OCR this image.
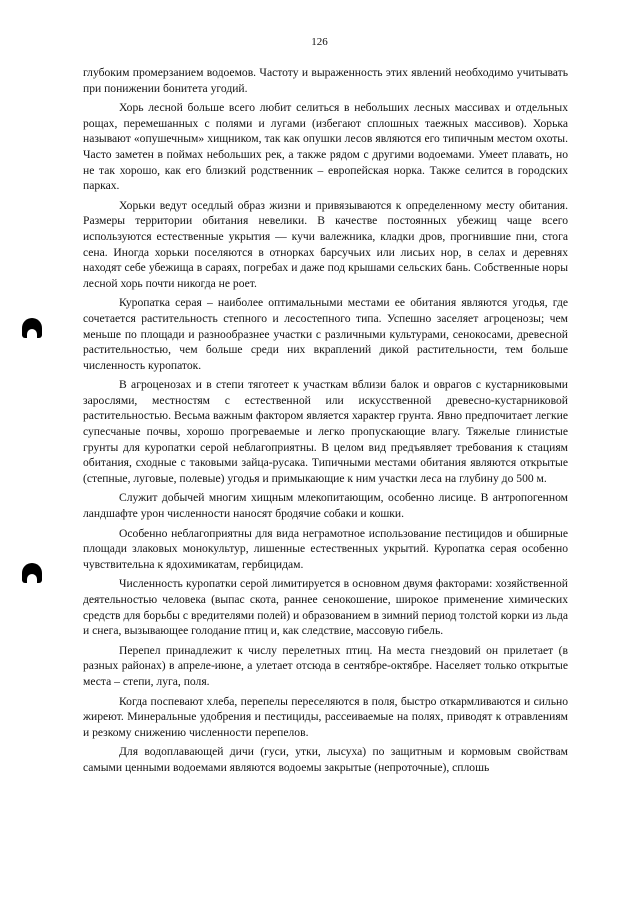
126

глубоким промерзанием водоемов. Частоту и выраженность этих явлений необходимо учитывать при понижении бонитета угодий.

Хорь лесной больше всего любит селиться в небольших лесных массивах и отдельных рощах, перемешанных с полями и лугами (избегают сплошных таежных массивов). Хорька называют «опушечным» хищником, так как опушки лесов являются его типичным местом охоты. Часто заметен в поймах небольших рек, а также рядом с другими водоемами. Умеет плавать, но не так хорошо, как его близкий родственник – европейская норка. Также селится в городских парках.

Хорьки ведут оседлый образ жизни и привязываются к определенному месту обитания. Размеры территории обитания невелики. В качестве постоянных убежищ чаще всего используются естественные укрытия — кучи валежника, кладки дров, прогнившие пни, стога сена. Иногда хорьки поселяются в отнорках барсучьих или лисьих нор, в селах и деревнях находят себе убежища в сараях, погребах и даже под крышами сельских бань. Собственные норы лесной хорь почти никогда не роет.

Куропатка серая – наиболее оптимальными местами ее обитания являются угодья, где сочетается растительность степного и лесостепного типа. Успешно заселяет агроценозы; чем меньше по площади и разнообразнее участки с различными культурами, сенокосами, древесной растительностью, чем больше среди них вкраплений дикой растительности, тем больше численность куропаток.

В агроценозах и в степи тяготеет к участкам вблизи балок и оврагов с кустарниковыми зарослями, местностям с естественной или искусственной древесно-кустарниковой растительностью. Весьма важным фактором является характер грунта. Явно предпочитает легкие супесчаные почвы, хорошо прогреваемые и легко пропускающие влагу. Тяжелые глинистые грунты для куропатки серой неблагоприятны. В целом вид предъявляет требования к стациям обитания, сходные с таковыми зайца-русака. Типичными местами обитания являются открытые (степные, луговые, полевые) угодья и примыкающие к ним участки леса на глубину до 500 м.

Служит добычей многим хищным млекопитающим, особенно лисице. В антропогенном ландшафте урон численности наносят бродячие собаки и кошки.

Особенно неблагоприятны для вида неграмотное использование пестицидов и обширные площади злаковых монокультур, лишенные естественных укрытий. Куропатка серая особенно чувствительна к ядохимикатам, гербицидам.

Численность куропатки серой лимитируется в основном двумя факторами: хозяйственной деятельностью человека (выпас скота, раннее сенокошение, широкое применение химических средств для борьбы с вредителями полей) и образованием в зимний период толстой корки из льда и снега, вызывающее голодание птиц и, как следствие, массовую гибель.

Перепел принадлежит к числу перелетных птиц. На места гнездовий он прилетает (в разных районах) в апреле-июне, а улетает отсюда в сентябре-октябре. Населяет только открытые места – степи, луга, поля.

Когда поспевают хлеба, перепелы переселяются в поля, быстро откармливаются и сильно жиреют. Минеральные удобрения и пестициды, рассеиваемые на полях, приводят к отравлениям и резкому снижению численности перепелов.

Для водоплавающей дичи (гуси, утки, лысуха) по защитным и кормовым свойствам самыми ценными водоемами являются водоемы закрытые (непроточные), сплошь
